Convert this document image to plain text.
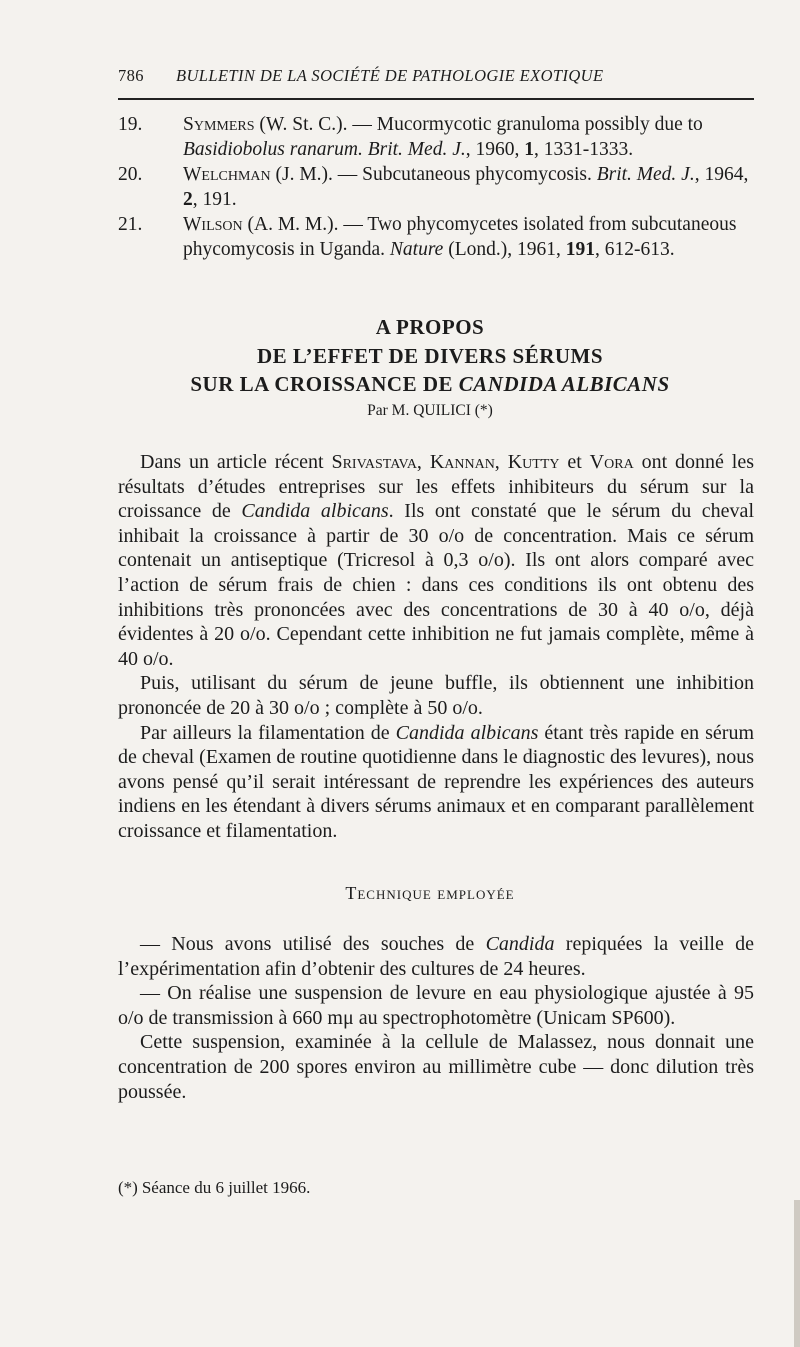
786 BULLETIN DE LA SOCIÉTÉ DE PATHOLOGIE EXOTIQUE

19. Symmers (W. St. C.). — Mucormycotic granuloma possibly due to Basidiobolus ranarum. Brit. Med. J., 1960, 1, 1331-1333.

20. Welchman (J. M.). — Subcutaneous phycomycosis. Brit. Med. J., 1964, 2, 191.

21. Wilson (A. M. M.). — Two phycomycetes isolated from subcutaneous phycomycosis in Uganda. Nature (Lond.), 1961, 191, 612-613.

A PROPOS
DE L’EFFET DE DIVERS SÉRUMS
SUR LA CROISSANCE DE CANDIDA ALBICANS
Par M. QUILICI (*)

Dans un article récent Srivastava, Kannan, Kutty et Vora ont donné les résultats d’études entreprises sur les effets inhibiteurs du sérum sur la croissance de Candida albicans. Ils ont constaté que le sérum du cheval inhibait la croissance à partir de 30 o/o de concentration. Mais ce sérum contenait un antiseptique (Tricresol à 0,3 o/o). Ils ont alors comparé avec l’action de sérum frais de chien : dans ces conditions ils ont obtenu des inhibitions très prononcées avec des concentrations de 30 à 40 o/o, déjà évidentes à 20 o/o. Cependant cette inhibition ne fut jamais complète, même à 40 o/o.

Puis, utilisant du sérum de jeune buffle, ils obtiennent une inhibition prononcée de 20 à 30 o/o ; complète à 50 o/o.

Par ailleurs la filamentation de Candida albicans étant très rapide en sérum de cheval (Examen de routine quotidienne dans le diagnostic des levures), nous avons pensé qu’il serait intéressant de reprendre les expériences des auteurs indiens en les étendant à divers sérums animaux et en comparant parallèlement croissance et filamentation.

Technique employée

— Nous avons utilisé des souches de Candida repiquées la veille de l’expérimentation afin d’obtenir des cultures de 24 heures.

— On réalise une suspension de levure en eau physiologique ajustée à 95 o/o de transmission à 660 mμ au spectrophotomètre (Unicam SP600).

Cette suspension, examinée à la cellule de Malassez, nous donnait une concentration de 200 spores environ au millimètre cube — donc dilution très poussée.

(*) Séance du 6 juillet 1966.
